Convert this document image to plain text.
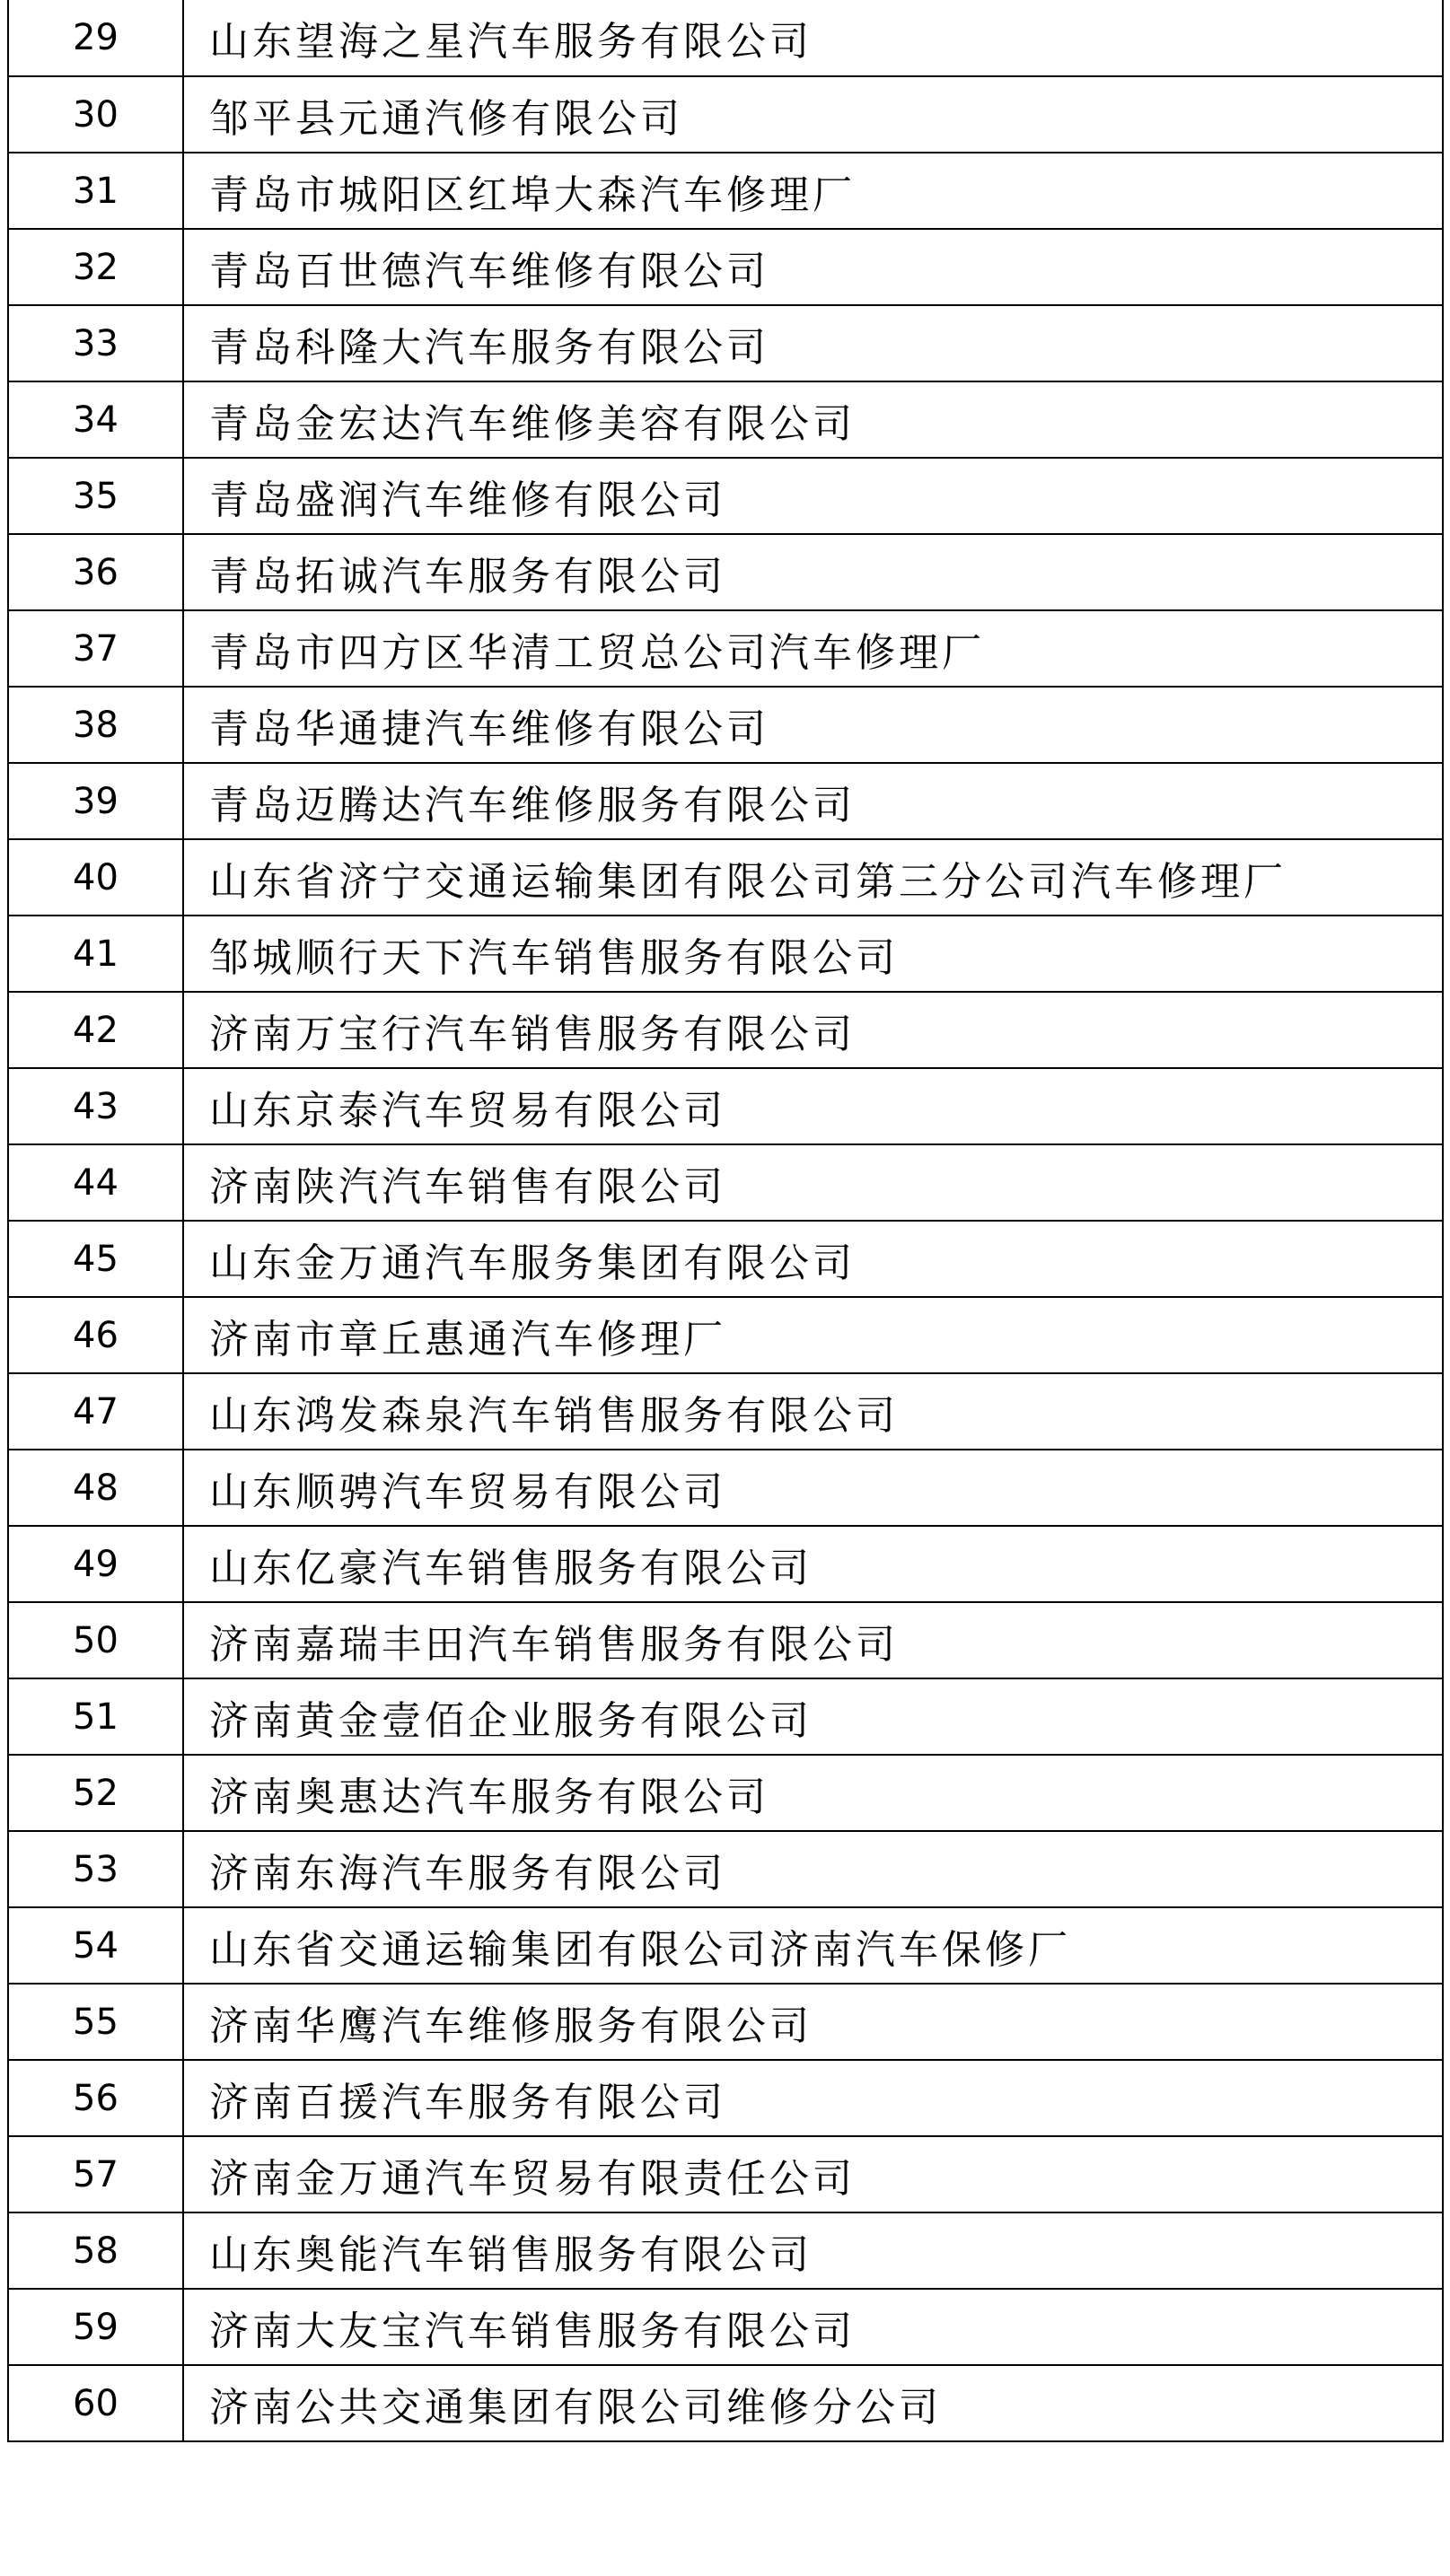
29	山东望海之星汽车服务有限公司
30	邹平县元通汽修有限公司
31	青岛市城阳区红埠大森汽车修理厂
32	青岛百世德汽车维修有限公司
33	青岛科隆大汽车服务有限公司
34	青岛金宏达汽车维修美容有限公司
35	青岛盛润汽车维修有限公司
36	青岛拓诚汽车服务有限公司
37	青岛市四方区华清工贸总公司汽车修理厂
38	青岛华通捷汽车维修有限公司
39	青岛迈腾达汽车维修服务有限公司
40	山东省济宁交通运输集团有限公司第三分公司汽车修理厂
41	邹城顺行天下汽车销售服务有限公司
42	济南万宝行汽车销售服务有限公司
43	山东京泰汽车贸易有限公司
44	济南陕汽汽车销售有限公司
45	山东金万通汽车服务集团有限公司
46	济南市章丘惠通汽车修理厂
47	山东鸿发森泉汽车销售服务有限公司
48	山东顺骋汽车贸易有限公司
49	山东亿豪汽车销售服务有限公司
50	济南嘉瑞丰田汽车销售服务有限公司
51	济南黄金壹佰企业服务有限公司
52	济南奥惠达汽车服务有限公司
53	济南东海汽车服务有限公司
54	山东省交通运输集团有限公司济南汽车保修厂
55	济南华鹰汽车维修服务有限公司
56	济南百援汽车服务有限公司
57	济南金万通汽车贸易有限责任公司
58	山东奥能汽车销售服务有限公司
59	济南大友宝汽车销售服务有限公司
60	济南公共交通集团有限公司维修分公司
